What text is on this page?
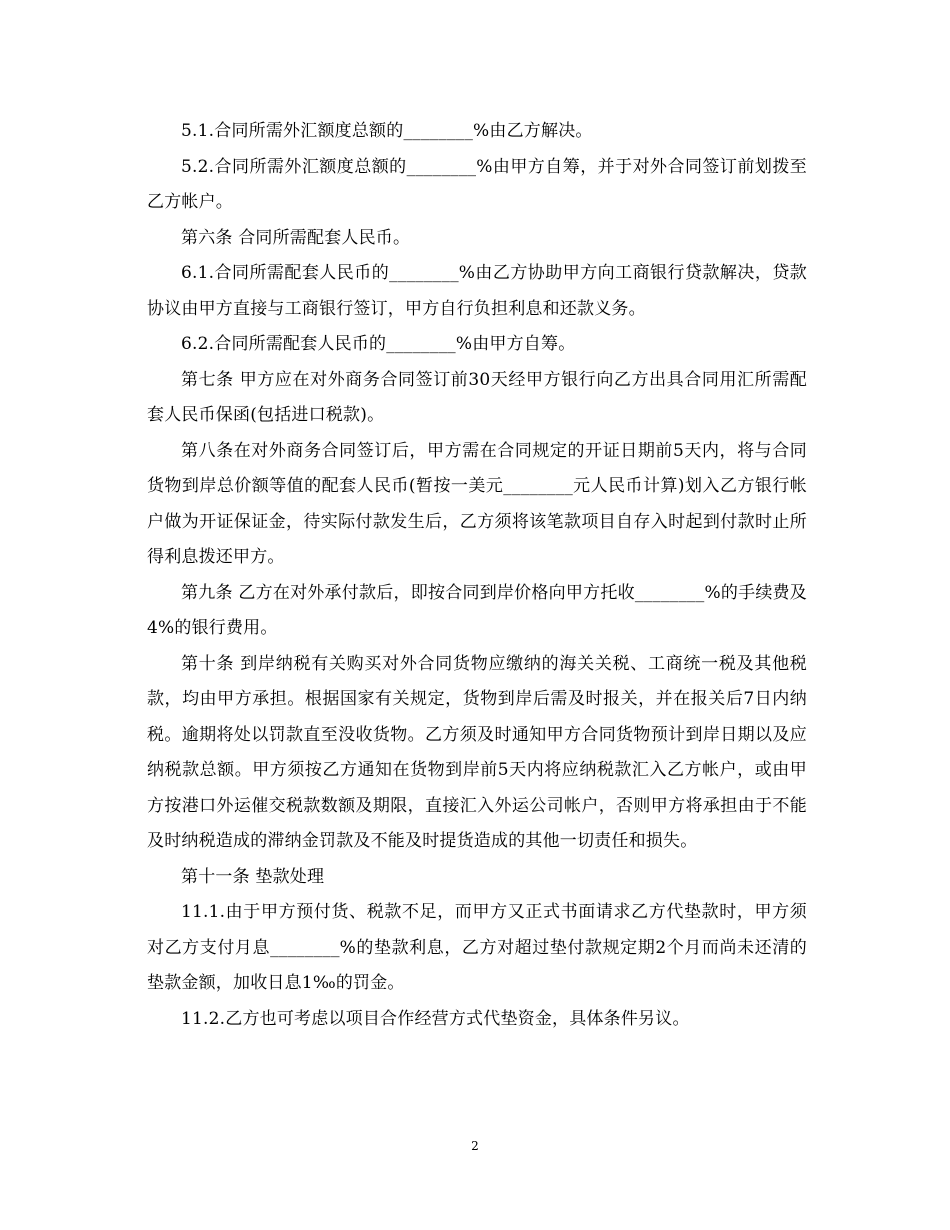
5.1.合同所需外汇额度总额的________%由乙方解决。

5.2.合同所需外汇额度总额的________%由甲方自筹，并于对外合同签订前划拨至乙方帐户。

第六条 合同所需配套人民币。

6.1.合同所需配套人民币的________%由乙方协助甲方向工商银行贷款解决，贷款协议由甲方直接与工商银行签订，甲方自行负担利息和还款义务。

6.2.合同所需配套人民币的________%由甲方自筹。

第七条 甲方应在对外商务合同签订前30天经甲方银行向乙方出具合同用汇所需配套人民币保函(包括进口税款)。

第八条在对外商务合同签订后，甲方需在合同规定的开证日期前5天内，将与合同货物到岸总价额等值的配套人民币(暂按一美元________元人民币计算)划入乙方银行帐户做为开证保证金，待实际付款发生后，乙方须将该笔款项目自存入时起到付款时止所得利息拨还甲方。

第九条 乙方在对外承付款后，即按合同到岸价格向甲方托收________%的手续费及4%的银行费用。

第十条 到岸纳税有关购买对外合同货物应缴纳的海关关税、工商统一税及其他税款，均由甲方承担。根据国家有关规定，货物到岸后需及时报关，并在报关后7日内纳税。逾期将处以罚款直至没收货物。乙方须及时通知甲方合同货物预计到岸日期以及应纳税款总额。甲方须按乙方通知在货物到岸前5天内将应纳税款汇入乙方帐户，或由甲方按港口外运催交税款数额及期限，直接汇入外运公司帐户，否则甲方将承担由于不能及时纳税造成的滞纳金罚款及不能及时提货造成的其他一切责任和损失。

第十一条 垫款处理

11.1.由于甲方预付货、税款不足，而甲方又正式书面请求乙方代垫款时，甲方须对乙方支付月息________%的垫款利息，乙方对超过垫付款规定期2个月而尚未还清的垫款金额，加收日息1‰的罚金。

11.2.乙方也可考虑以项目合作经营方式代垫资金，具体条件另议。

2
